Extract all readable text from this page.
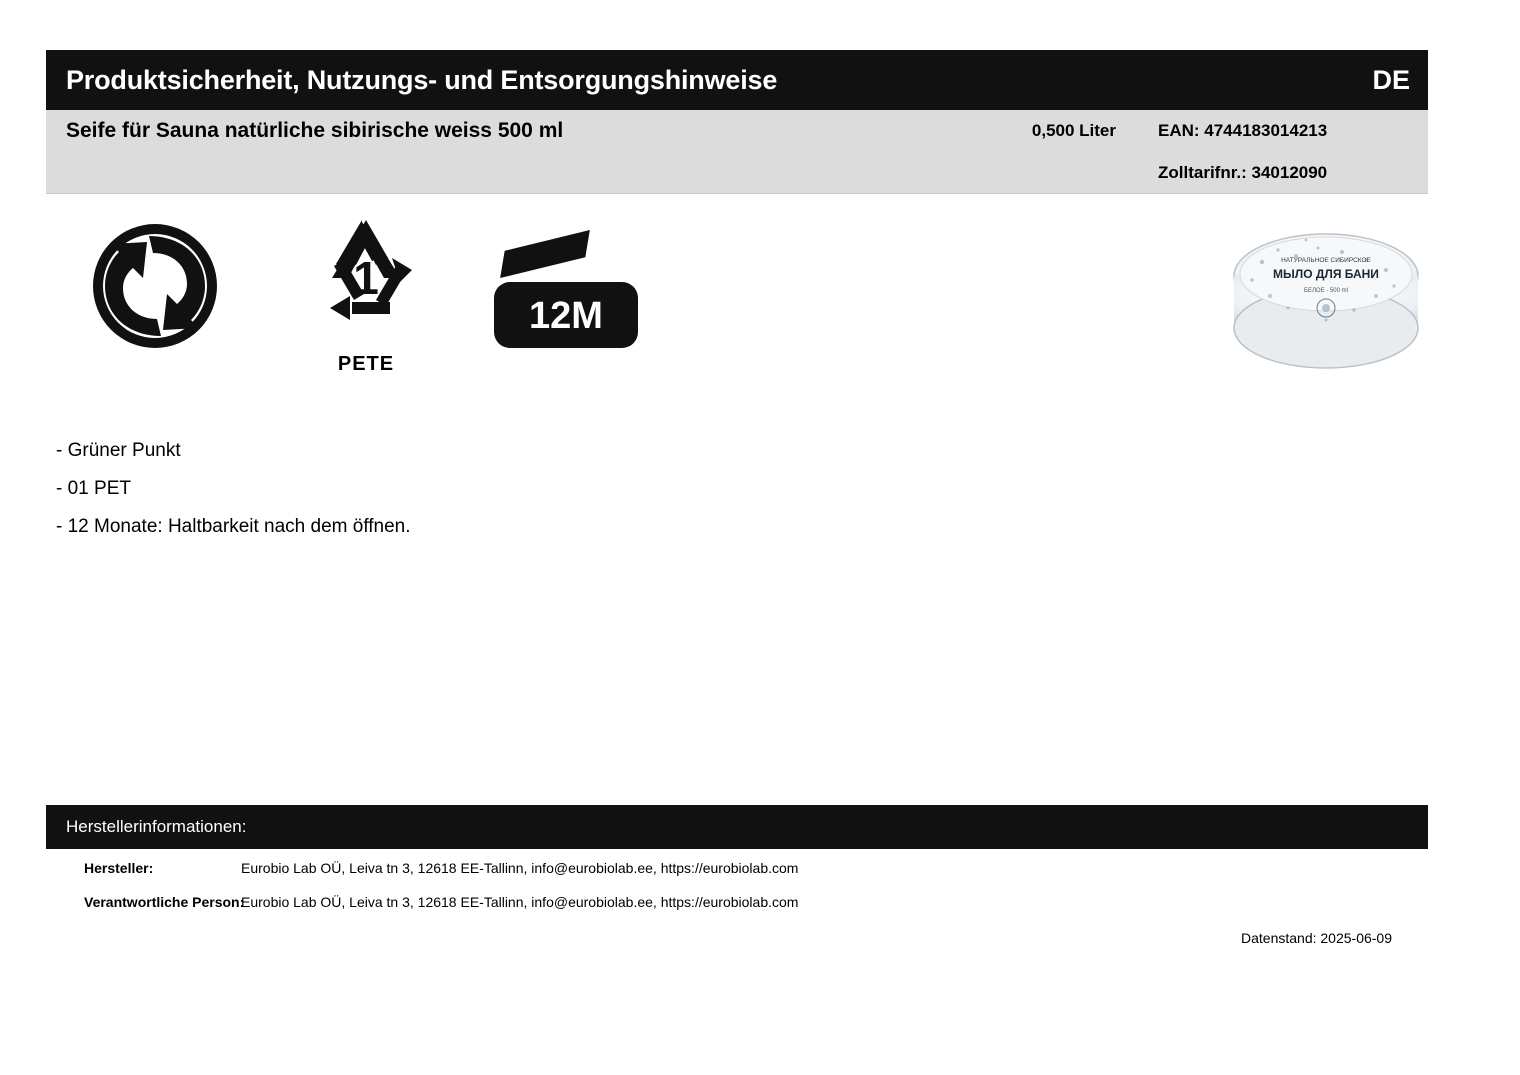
Produktsicherheit, Nutzungs- und Entsorgungshinweise	DE
Seife für Sauna natürliche sibirische weiss 500 ml	0,500 Liter	EAN: 4744183014213
Zolltarifnr.: 34012090
1
PETE
12M
НАТУРАЛЬНОЕ СИБИРСКОЕ
МЫЛО ДЛЯ БАНИ
БЕЛОЕ · 500 ml
- Grüner Punkt
- 01 PET
- 12 Monate: Haltbarkeit nach dem öffnen.
Herstellerinformationen:
Hersteller:	Eurobio Lab OÜ, Leiva tn 3, 12618 EE-Tallinn, info@eurobiolab.ee, https://eurobiolab.com
Verantwortliche Person:
Eurobio Lab OÜ, Leiva tn 3, 12618 EE-Tallinn, info@eurobiolab.ee, https://eurobiolab.com
Datenstand: 2025-06-09
